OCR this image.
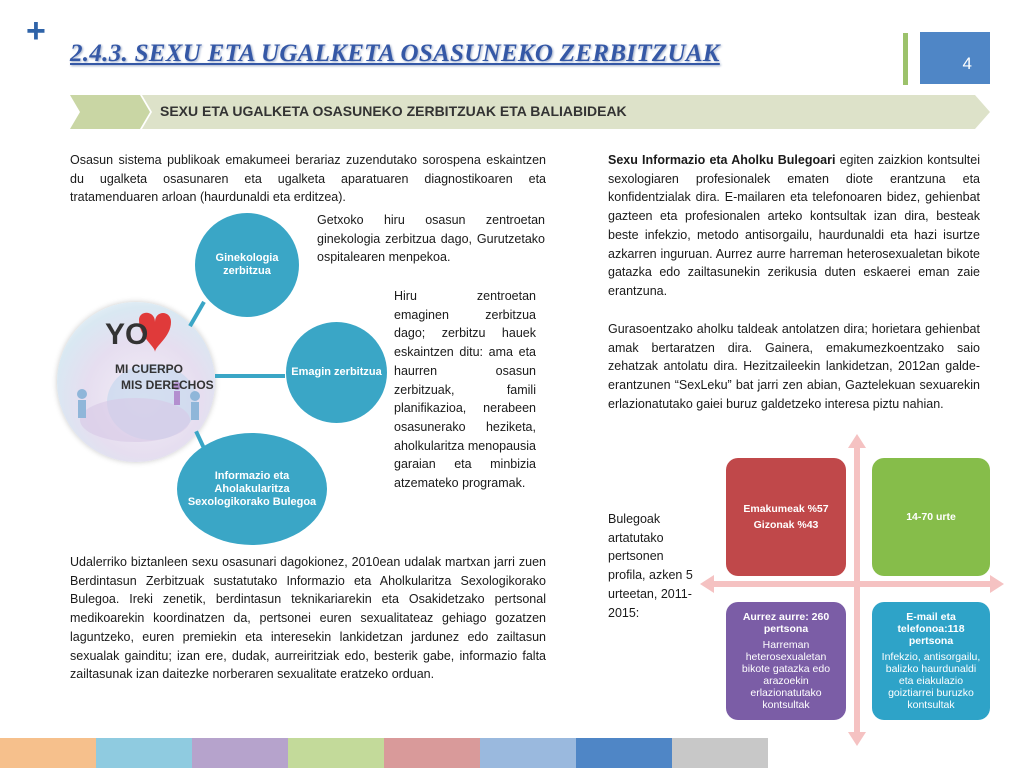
+
2.4.3. SEXU ETA UGALKETA OSASUNEKO ZERBITZUAK	4
SEXU ETA UGALKETA OSASUNEKO ZERBITZUAK ETA BALIABIDEAK
Osasun sistema publikoak emakumeei berariaz zuzendutako sorospena eskaintzen du ugalketa osasunaren eta ugalketa aparatuaren diagnostikoaren eta tratamenduaren arloan (haurdunaldi eta erditzea).
YO
MI CUERPO
MIS DERECHOS
Ginekologia zerbitzua
Emagin zerbitzua
Informazio eta Aholakularitza Sexologikorako Bulegoa
Getxoko hiru osasun zentroetan ginekologia zerbitzua dago, Gurutzetako ospitalearen menpekoa.
Hiru zentroetan emaginen zerbitzua dago; zerbitzu hauek eskaintzen ditu: ama eta haurren osasun zerbitzuak, famili planifikazioa, nerabeen osasunerako heziketa, aholkularitza menopausia garaian eta minbizia atzemateko programak.
Udalerriko biztanleen sexu osasunari dagokionez, 2010ean udalak martxan jarri zuen Berdintasun Zerbitzuak sustatutako Informazio eta Aholkularitza Sexologikorako Bulegoa. Ireki zenetik, berdintasun teknikariarekin eta Osakidetzako pertsonal medikoarekin koordinatzen da, pertsonei euren sexualitateaz gehiago gozatzen laguntzeko, euren premiekin eta interesekin lankidetzan jardunez edo zailtasun sexualak gainditu; izan ere, dudak, aurreiritziak edo, besterik gabe, informazio falta zailtasunak izan daitezke norberaren sexualitate eratzeko orduan.
Sexu Informazio eta Aholku Bulegoari egiten zaizkion kontsultei sexologiaren profesionalek ematen diote erantzuna eta konfidentzialak dira. E-mailaren eta telefonoaren bidez, gehienbat gazteen eta profesionalen arteko kontsultak izan dira, besteak beste infekzio, metodo antisorgailu, haurdunaldi eta hazi isurtze azkarren inguruan. Aurrez aurre harreman heterosexualetan bikote gatazka edo zailtasunekin zerikusia duten eskaerei eman zaie erantzuna.
Gurasoentzako aholku taldeak antolatzen dira; horietara gehienbat amak bertaratzen dira. Gainera, emakumezkoentzako saio zehatzak antolatu dira. Hezitzaileekin lankidetzan, 2012an galde-erantzunen “SexLeku” bat jarri zen abian, Gaztelekuan sexuarekin erlazionatutako gaiei buruz galdetzeko interesa piztu nahian.
Bulegoak artatutako pertsonen profila, azken 5 urteetan, 2011-2015:
Emakumeak %57
Gizonak %43
14-70 urte
Aurrez aurre: 260 pertsona
Harreman heterosexualetan bikote gatazka edo arazoekin erlazionatutako kontsultak
E-mail eta telefonoa:118 pertsona
Infekzio, antisorgailu, balizko haurdunaldi eta eiakulazio goiztiarrei buruzko kontsultak
